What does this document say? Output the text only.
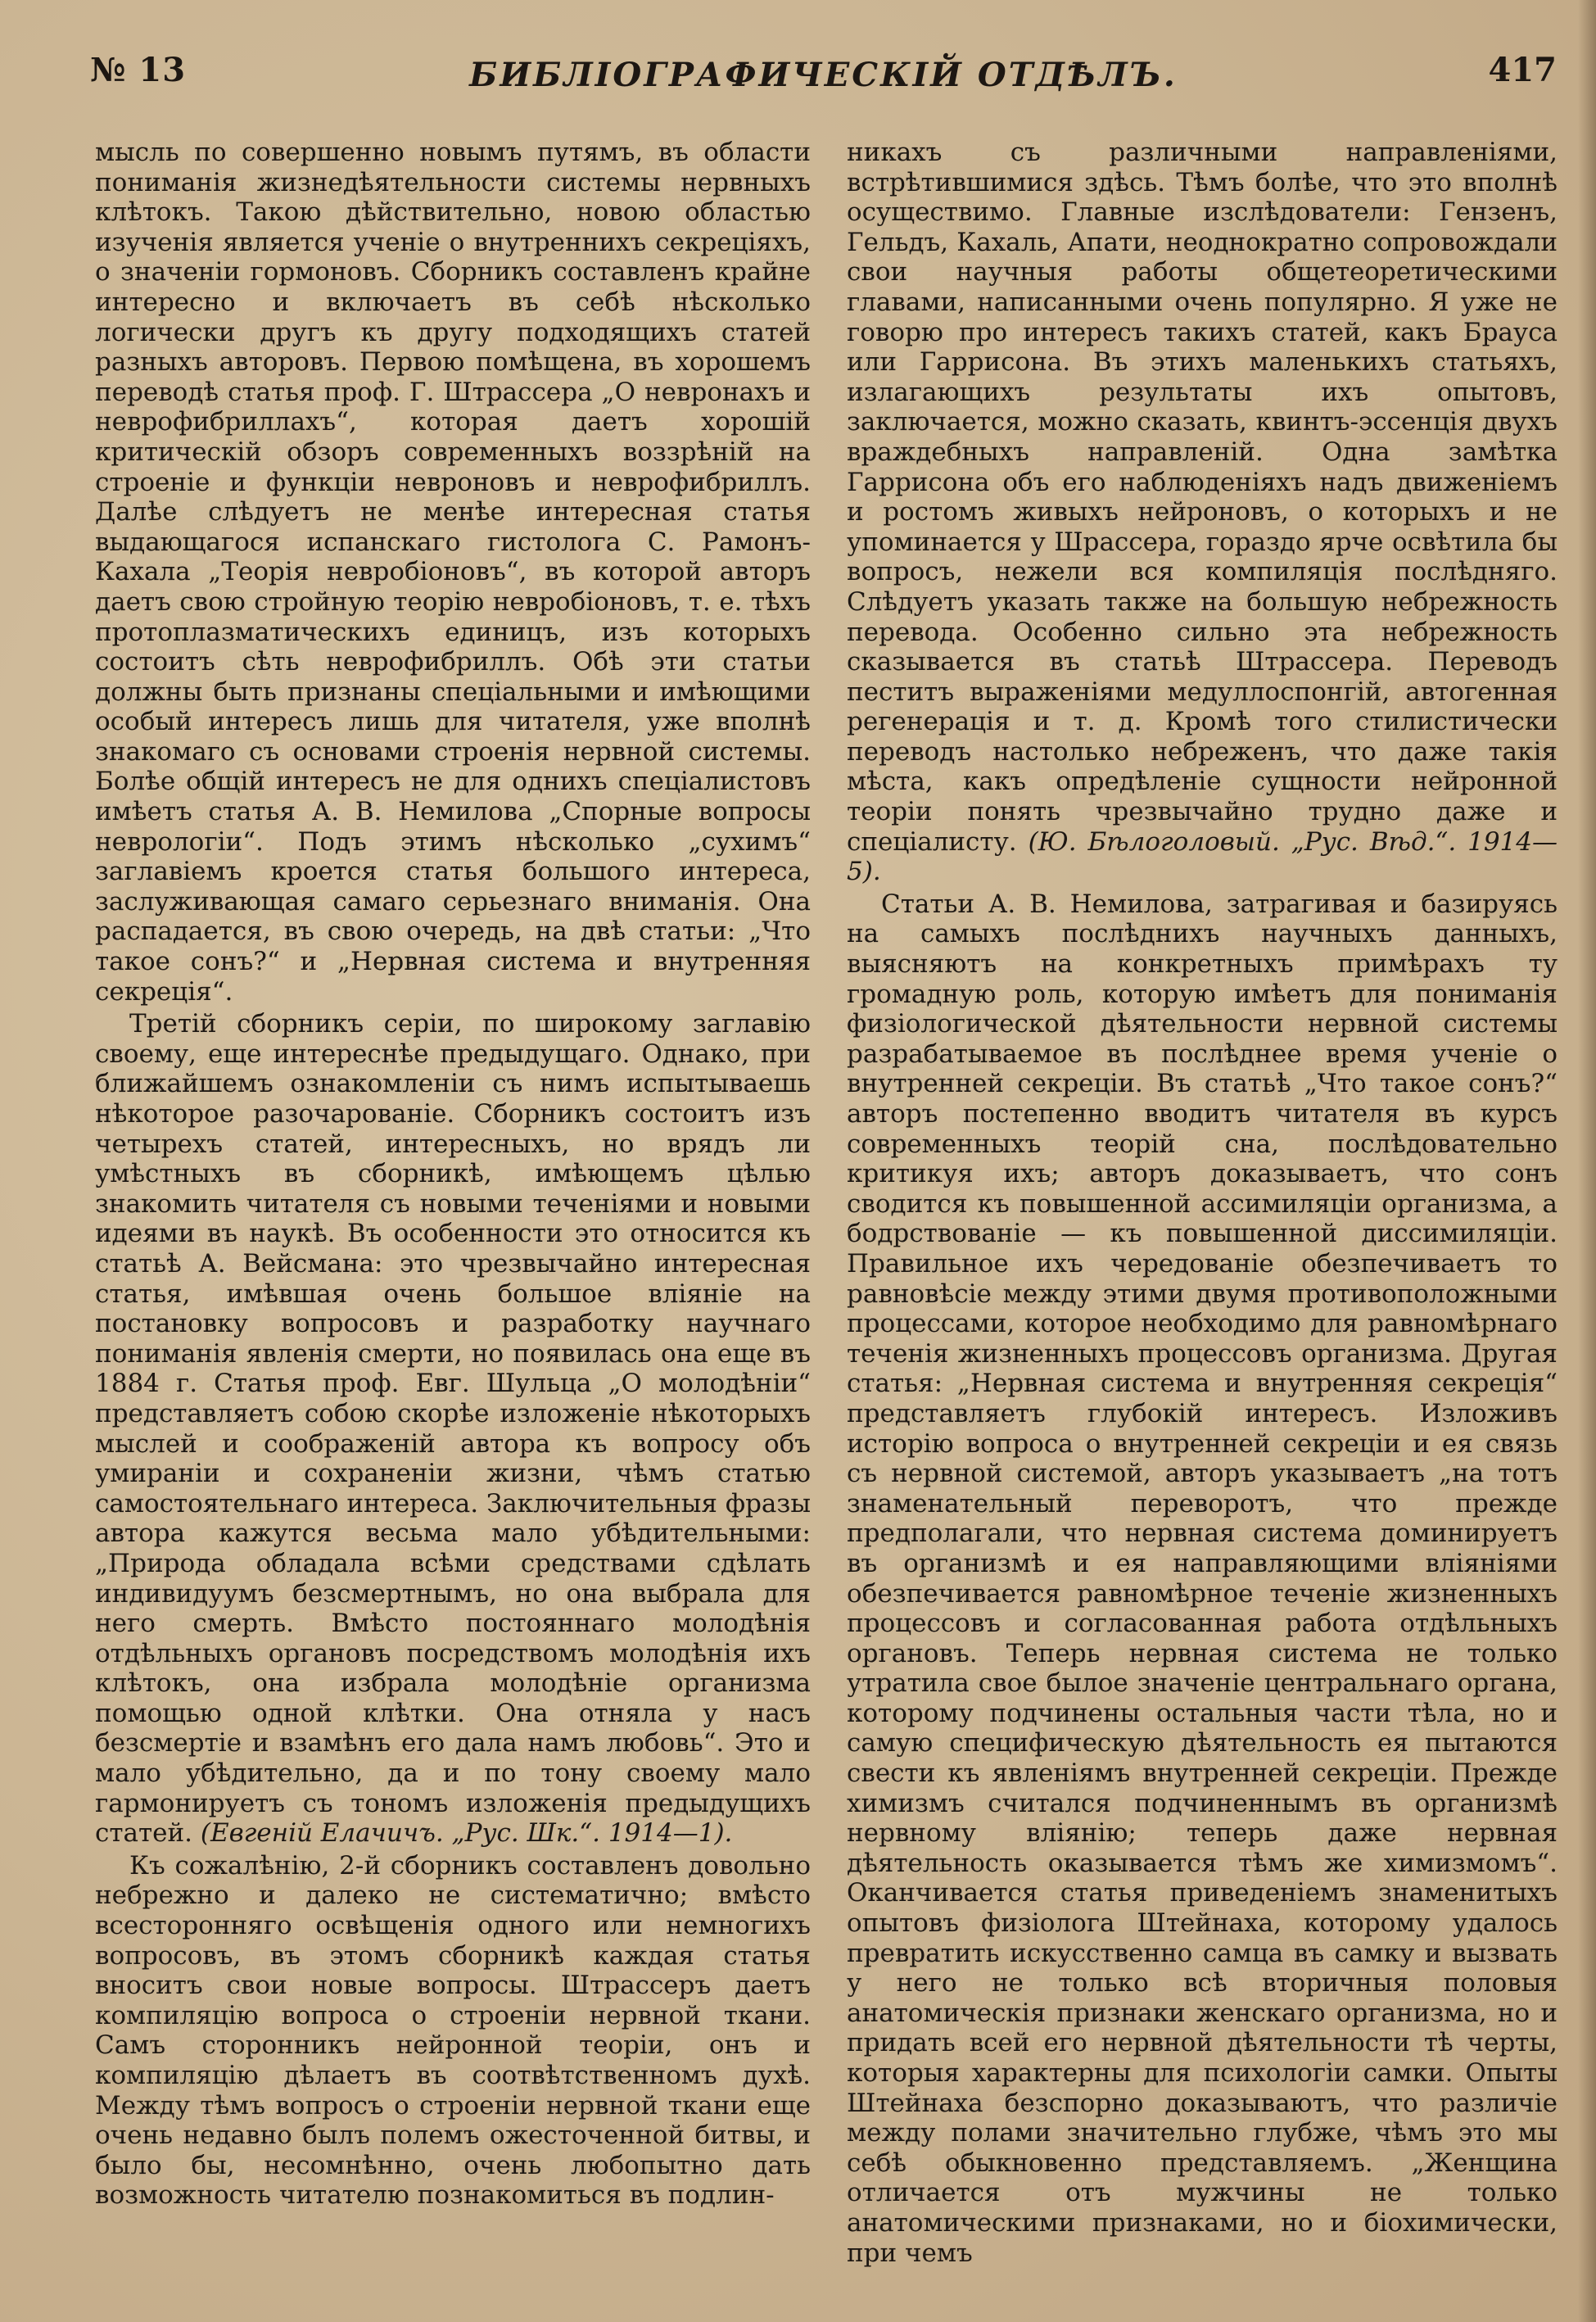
№ 13	БИБЛІОГРАФИЧЕСКІЙ ОТДѢЛЪ.	417

мысль по совершенно новымъ путямъ, въ области пониманія жизнедѣятельности системы нервныхъ клѣтокъ. Такою дѣйствительно, новою областью изученія является ученіе о внутреннихъ секреціяхъ, о значеніи гормоновъ. Сборникъ составленъ крайне интересно и включаетъ въ себѣ нѣсколько логически другъ къ другу подходящихъ статей разныхъ авторовъ. Первою помѣщена, въ хорошемъ переводѣ статья проф. Г. Штрассера „О невронахъ и неврофибриллахъ“, которая даетъ хорошій критическій обзоръ современныхъ воззрѣній на строеніе и функціи невроновъ и неврофибриллъ. Далѣе слѣдуетъ не менѣе интересная статья выдающагося испанскаго гистолога С. Рамонъ-Кахала „Теорія невробіоновъ“, въ которой авторъ даетъ свою стройную теорію невробіоновъ, т. е. тѣхъ протоплазматическихъ единицъ, изъ которыхъ состоитъ сѣть неврофибриллъ. Обѣ эти статьи должны быть признаны спеціальными и имѣющими особый интересъ лишь для читателя, уже вполнѣ знакомаго съ основами строенія нервной системы. Болѣе общій интересъ не для однихъ спеціалистовъ имѣетъ статья А. В. Немилова „Спорные вопросы неврологіи“. Подъ этимъ нѣсколько „сухимъ“ заглавіемъ кроется статья большого интереса, заслуживающая самаго серьезнаго вниманія. Она распадается, въ свою очередь, на двѣ статьи: „Что такое сонъ?“ и „Нервная система и внутренняя секреція“.

Третій сборникъ серіи, по широкому заглавію своему, еще интереснѣе предыдущаго. Однако, при ближайшемъ ознакомленіи съ нимъ испытываешь нѣкоторое разочарованіе. Сборникъ состоитъ изъ четырехъ статей, интересныхъ, но врядъ ли умѣстныхъ въ сборникѣ, имѣющемъ цѣлью знакомить читателя съ новыми теченіями и новыми идеями въ наукѣ. Въ особенности это относится къ статьѣ А. Вейсмана: это чрезвычайно интересная статья, имѣвшая очень большое вліяніе на постановку вопросовъ и разработку научнаго пониманія явленія смерти, но появилась она еще въ 1884 г. Статья проф. Евг. Шульца „О молодѣніи“ представляетъ собою скорѣе изложеніе нѣкоторыхъ мыслей и соображеній автора къ вопросу объ умираніи и сохраненіи жизни, чѣмъ статью самостоятельнаго интереса. Заключительныя фразы автора кажутся весьма мало убѣдительными: „Природа обладала всѣми средствами сдѣлать индивидуумъ безсмертнымъ, но она выбрала для него смерть. Вмѣсто постояннаго молодѣнія отдѣльныхъ органовъ посредствомъ молодѣнія ихъ клѣтокъ, она избрала молодѣніе организма помощью одной клѣтки. Она отняла у насъ безсмертіе и взамѣнъ его дала намъ любовь“. Это и мало убѣдительно, да и по тону своему мало гармонируетъ съ тономъ изложенія предыдущихъ статей. (Евгеній Елачичъ. „Рус. Шк.“. 1914—1).

Къ сожалѣнію, 2-й сборникъ составленъ довольно небрежно и далеко не систематично; вмѣсто всесторонняго освѣщенія одного или немногихъ вопросовъ, въ этомъ сборникѣ каждая статья вноситъ свои новые вопросы. Штрассеръ даетъ компиляцію вопроса о строеніи нервной ткани. Самъ сторонникъ нейронной теоріи, онъ и компиляцію дѣлаетъ въ соотвѣтственномъ духѣ. Между тѣмъ вопросъ о строеніи нервной ткани еще очень недавно былъ полемъ ожесточенной битвы, и было бы, несомнѣнно, очень любопытно дать возможность читателю познакомиться въ подлин-

никахъ съ различными направленіями, встрѣтившимися здѣсь. Тѣмъ болѣе, что это вполнѣ осуществимо. Главные изслѣдователи: Гензенъ, Гельдъ, Кахаль, Апати, неоднократно сопровождали свои научныя работы общетеоретическими главами, написанными очень популярно. Я уже не говорю про интересъ такихъ статей, какъ Брауса или Гаррисона. Въ этихъ маленькихъ статьяхъ, излагающихъ результаты ихъ опытовъ, заключается, можно сказать, квинтъ-эссенція двухъ враждебныхъ направленій. Одна замѣтка Гаррисона объ его наблюденіяхъ надъ движеніемъ и ростомъ живыхъ нейроновъ, о которыхъ и не упоминается у Шрассера, гораздо ярче освѣтила бы вопросъ, нежели вся компиляція послѣдняго. Слѣдуетъ указать также на большую небрежность перевода. Особенно сильно эта небрежность сказывается въ статьѣ Штрассера. Переводъ пеститъ выраженіями медуллоспонгій, автогенная регенерація и т. д. Кромѣ того стилистически переводъ настолько небреженъ, что даже такія мѣста, какъ опредѣленіе сущности нейронной теоріи понять чрезвычайно трудно даже и спеціалисту. (Ю. Бѣлоголовый. „Рус. Вѣд.“. 1914—5).

Статьи А. В. Немилова, затрагивая и базируясь на самыхъ послѣднихъ научныхъ данныхъ, выясняютъ на конкретныхъ примѣрахъ ту громадную роль, которую имѣетъ для пониманія физіологической дѣятельности нервной системы разрабатываемое въ послѣднее время ученіе о внутренней секреціи. Въ статьѣ „Что такое сонъ?“ авторъ постепенно вводитъ читателя въ курсъ современныхъ теорій сна, послѣдовательно критикуя ихъ; авторъ доказываетъ, что сонъ сводится къ повышенной ассимиляціи организма, а бодрствованіе — къ повышенной диссимиляціи. Правильное ихъ чередованіе обезпечиваетъ то равновѣсіе между этими двумя противоположными процессами, которое необходимо для равномѣрнаго теченія жизненныхъ процессовъ организма. Другая статья: „Нервная система и внутренняя секреція“ представляетъ глубокій интересъ. Изложивъ исторію вопроса о внутренней секреціи и ея связь съ нервной системой, авторъ указываетъ „на тотъ знаменательный переворотъ, что прежде предполагали, что нервная система доминируетъ въ организмѣ и ея направляющими вліяніями обезпечивается равномѣрное теченіе жизненныхъ процессовъ и согласованная работа отдѣльныхъ органовъ. Теперь нервная система не только утратила свое былое значеніе центральнаго органа, которому подчинены остальныя части тѣла, но и самую специфическую дѣятельность ея пытаются свести къ явленіямъ внутренней секреціи. Прежде химизмъ считался подчиненнымъ въ организмѣ нервному вліянію; теперь даже нервная дѣятельность оказывается тѣмъ же химизмомъ“. Оканчивается статья приведеніемъ знаменитыхъ опытовъ физіолога Штейнаха, которому удалось превратить искусственно самца въ самку и вызвать у него не только всѣ вторичныя половыя анатомическія признаки женскаго организма, но и придать всей его нервной дѣятельности тѣ черты, которыя характерны для психологіи самки. Опыты Штейнаха безспорно доказываютъ, что различіе между полами значительно глубже, чѣмъ это мы себѣ обыкновенно представляемъ. „Женщина отличается отъ мужчины не только анатомическими признаками, но и біохимически, при чемъ
